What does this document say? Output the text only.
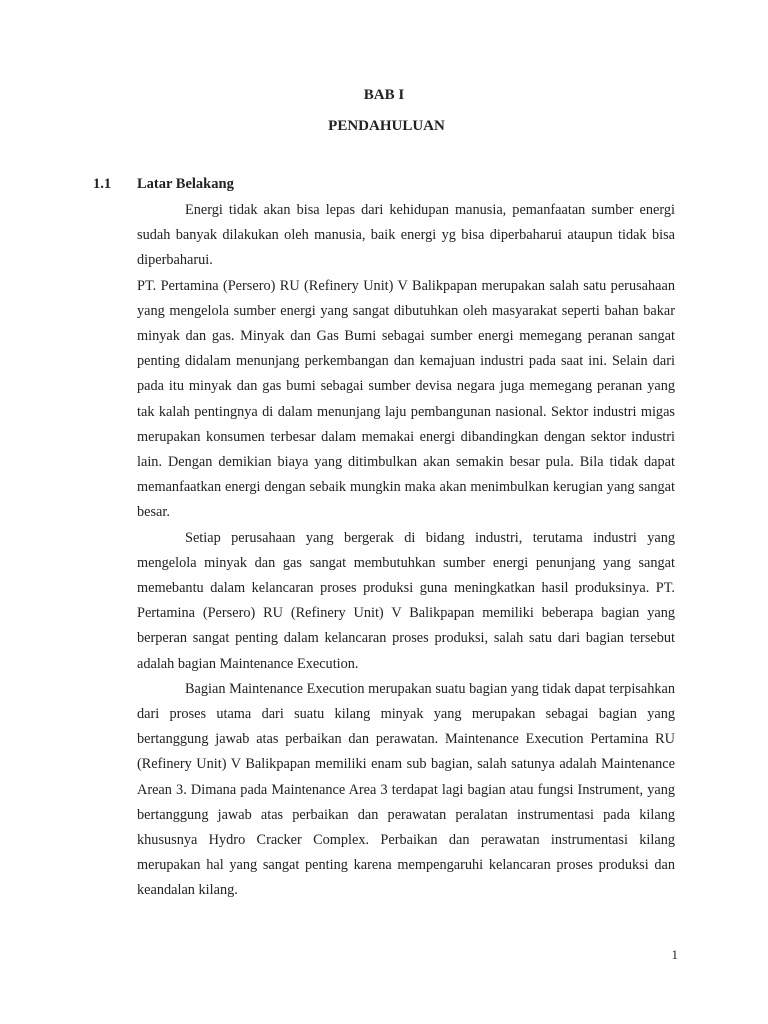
BAB I
PENDAHULUAN
1.1 Latar Belakang

Energi tidak akan bisa lepas dari kehidupan manusia, pemanfaatan sumber energi sudah banyak dilakukan oleh manusia, baik energi yg bisa diperbaharui ataupun tidak bisa diperbaharui.

PT. Pertamina (Persero) RU (Refinery Unit) V Balikpapan merupakan salah satu perusahaan yang mengelola sumber energi yang sangat dibutuhkan oleh masyarakat seperti bahan bakar minyak dan gas. Minyak dan Gas Bumi sebagai sumber energi memegang peranan sangat penting didalam menunjang perkembangan dan kemajuan industri pada saat ini. Selain dari pada itu minyak dan gas bumi sebagai sumber devisa negara juga memegang peranan yang tak kalah pentingnya di dalam menunjang laju pembangunan nasional. Sektor industri migas merupakan konsumen terbesar dalam memakai energi dibandingkan dengan sektor industri lain. Dengan demikian biaya yang ditimbulkan akan semakin besar pula. Bila tidak dapat memanfaatkan energi dengan sebaik mungkin maka akan menimbulkan kerugian yang sangat besar.

Setiap perusahaan yang bergerak di bidang industri, terutama industri yang mengelola minyak dan gas sangat membutuhkan sumber energi penunjang yang sangat memebantu dalam kelancaran proses produksi guna meningkatkan hasil produksinya. PT. Pertamina (Persero) RU (Refinery Unit) V Balikpapan memiliki beberapa bagian yang berperan sangat penting dalam kelancaran proses produksi, salah satu dari bagian tersebut adalah bagian Maintenance Execution.

Bagian Maintenance Execution merupakan suatu bagian yang tidak dapat terpisahkan dari proses utama dari suatu kilang minyak yang merupakan sebagai bagian yang bertanggung jawab atas perbaikan dan perawatan. Maintenance Execution Pertamina RU (Refinery Unit) V Balikpapan memiliki enam sub bagian, salah satunya adalah Maintenance Arean 3. Dimana pada Maintenance Area 3 terdapat lagi bagian atau fungsi Instrument, yang bertanggung jawab atas perbaikan dan perawatan peralatan instrumentasi pada kilang khususnya Hydro Cracker Complex. Perbaikan dan perawatan instrumentasi kilang merupakan hal yang sangat penting karena mempengaruhi kelancaran proses produksi dan keandalan kilang.

1
